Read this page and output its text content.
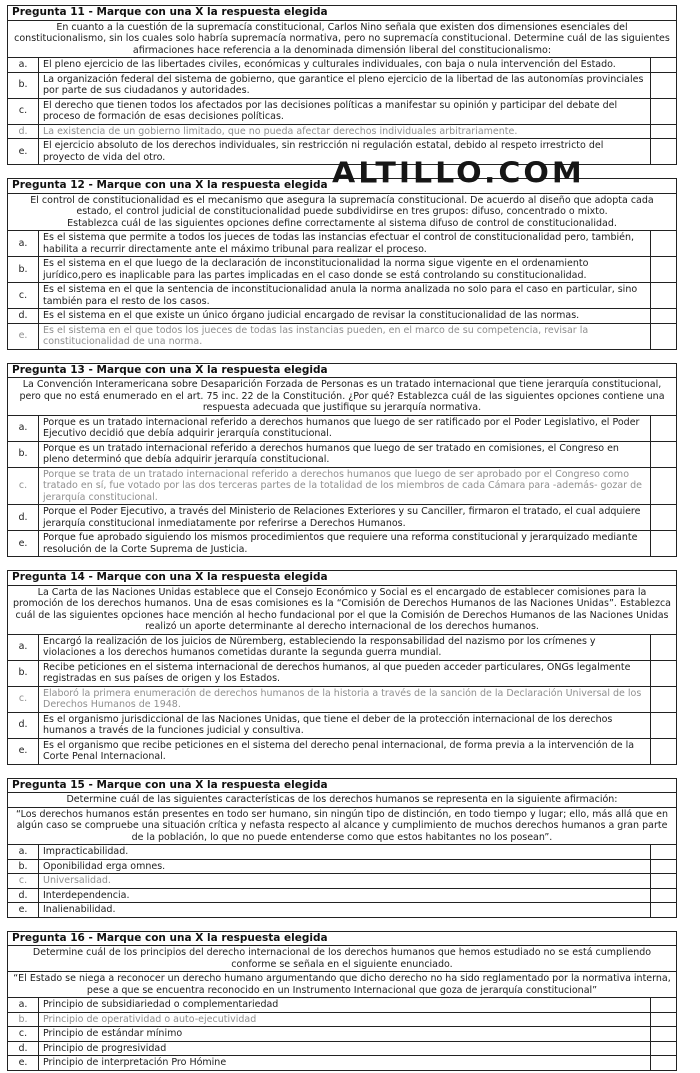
Pregunta 11 - Marque con una X la respuesta elegida		

En cuanto a la cuestión de la supremacía constitucional, Carlos Nino señala que existen dos dimensiones esenciales del constitucionalismo, sin los cuales solo habría supremacía normativa, pero no supremacía constitucional. Determine cuál de las siguientes afirmaciones hace referencia a la denominada dimensión liberal del constitucionalismo:		

a.	El pleno ejercicio de las libertades civiles, económicas y culturales individuales, con baja o nula intervención del Estado.	
b.	La organización federal del sistema de gobierno, que garantice el pleno ejercicio de la libertad de las autonomías provinciales por parte de sus ciudadanos y autoridades.	
c.	El derecho que tienen todos los afectados por las decisiones políticas a manifestar su opinión y participar del debate del proceso de formación de esas decisiones políticas.	
d.	La existencia de un gobierno limitado, que no pueda afectar derechos individuales arbitrariamente.	
e.	El ejercicio absoluto de los derechos individuales, sin restricción ni regulación estatal, debido al respeto irrestricto del proyecto de vida del otro.	
Pregunta 12 - Marque con una X la respuesta elegida		

El control de constitucionalidad es el mecanismo que asegura la supremacía constitucional. De acuerdo al diseño que adopta cada estado, el control judicial de constitucionalidad puede subdividirse en tres grupos: difuso, concentrado o mixto.
Establezca cuál de las siguientes opciones define correctamente al sistema difuso de control de constitucionalidad.		

a.	Es el sistema que permite a todos los jueces de todas las instancias efectuar el control de constitucionalidad pero, también, habilita a recurrir directamente ante el máximo tribunal para realizar el proceso.	
b.	Es el sistema en el que luego de la declaración de inconstitucionalidad la norma sigue vigente en el ordenamiento jurídico,pero es inaplicable para las partes implicadas en el caso donde se está controlando su constitucionalidad.	
c.	Es el sistema en el que la sentencia de inconstitucionalidad anula la norma analizada no solo para el caso en particular, sino también para el resto de los casos.	
d.	Es el sistema en el que existe un único órgano judicial encargado de revisar la constitucionalidad de las normas.	
e.	Es el sistema en el que todos los jueces de todas las instancias pueden, en el marco de su competencia, revisar la constitucionalidad de una norma.	
Pregunta 13 - Marque con una X la respuesta elegida		

La Convención Interamericana sobre Desaparición Forzada de Personas es un tratado internacional que tiene jerarquía constitucional, pero que no está enumerado en el art. 75 inc. 22 de la Constitución. ¿Por qué? Establezca cuál de las siguientes opciones contiene una respuesta adecuada que justifique su jerarquía normativa.		

a.	Porque es un tratado internacional referido a derechos humanos que luego de ser ratificado por el Poder Legislativo, el Poder Ejecutivo decidió que debía adquirir jerarquía constitucional.	
b.	Porque es un tratado internacional referido a derechos humanos que luego de ser tratado en comisiones, el Congreso en pleno determinó que debía adquirir jerarquía constitucional.	
c.	Porque se trata de un tratado internacional referido a derechos humanos que luego de ser aprobado por el Congreso como tratado en sí, fue votado por las dos terceras partes de la totalidad de los miembros de cada Cámara para -además- gozar de jerarquía constitucional.	
d.	Porque el Poder Ejecutivo, a través del Ministerio de Relaciones Exteriores y su Canciller, firmaron el tratado, el cual adquiere jerarquía constitucional inmediatamente por referirse a Derechos Humanos.	
e.	Porque fue aprobado siguiendo los mismos procedimientos que requiere una reforma constitucional y jerarquizado mediante resolución de la Corte Suprema de Justicia.	
Pregunta 14 - Marque con una X la respuesta elegida		

La Carta de las Naciones Unidas establece que el Consejo Económico y Social es el encargado de establecer comisiones para la promoción de los derechos humanos. Una de esas comisiones es la “Comisión de Derechos Humanos de las Naciones Unidas”. Establezca cuál de las siguientes opciones hace mención al hecho fundacional por el que la Comisión de Derechos Humanos de las Naciones Unidas realizó un aporte determinante al derecho internacional de los derechos humanos.		

a.	Encargó la realización de los juicios de Nüremberg, estableciendo la responsabilidad del nazismo por los crímenes y violaciones a los derechos humanos cometidas durante la segunda guerra mundial.	
b.	Recibe peticiones en el sistema internacional de derechos humanos, al que pueden acceder particulares, ONGs legalmente registradas en sus países de origen y los Estados.	
c.	Elaboró la primera enumeración de derechos humanos de la historia a través de la sanción de la Declaración Universal de los Derechos Humanos de 1948.	
d.	Es el organismo jurisdiccional de las Naciones Unidas, que tiene el deber de la protección internacional de los derechos humanos a través de la funciones judicial y consultiva.	
e.	Es el organismo que recibe peticiones en el sistema del derecho penal internacional, de forma previa a la intervención de la Corte Penal Internacional.	
Pregunta 15 - Marque con una X la respuesta elegida		

Determine cuál de las siguientes características de los derechos humanos se representa en la siguiente afirmación:		

“Los derechos humanos están presentes en todo ser humano, sin ningún tipo de distinción, en todo tiempo y lugar; ello, más allá que en algún caso se compruebe una situación crítica y nefasta respecto al alcance y cumplimiento de muchos derechos humanos a gran parte de la población, lo que no puede entenderse como que estos habitantes no los posean”.		

a.	Impracticabilidad.	
b.	Oponibilidad erga omnes.	
c.	Universalidad.	
d.	Interdependencia.	
e.	Inalienabilidad.	
Pregunta 16 - Marque con una X la respuesta elegida		

Determine cuál de los principios del derecho internacional de los derechos humanos que hemos estudiado no se está cumpliendo conforme se señala en el siguiente enunciado.		

“El Estado se niega a reconocer un derecho humano argumentando que dicho derecho no ha sido reglamentado por la normativa interna, pese a que se encuentra reconocido en un Instrumento Internacional que goza de jerarquía constitucional”		

a.	Principio de subsidiariedad o complementariedad	
b.	Principio de operatividad o auto-ejecutividad	
c.	Principio de estándar mínimo	
d.	Principio de progresividad	
e.	Principio de interpretación Pro Hómine	
ALTILLO.COM
